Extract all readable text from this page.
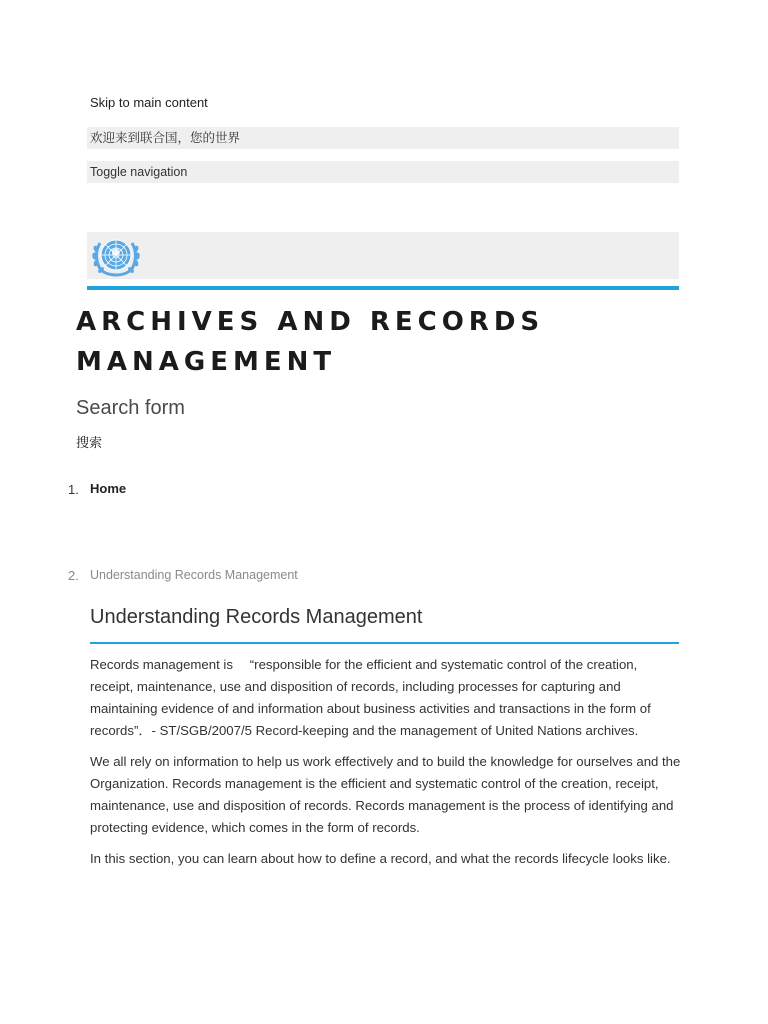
Skip to main content
欢迎来到联合国，您的世界
Toggle navigation
ARCHIVES AND RECORDS MANAGEMENT
Search form
搜索
1. Home
2. Understanding Records Management
Understanding Records Management

Records management is 　“responsible for the efficient and systematic control of the creation, receipt, maintenance, use and disposition of records, including processes for capturing and maintaining evidence of and information about business activities and transactions in the form of records”．- ST/SGB/2007/5 Record-keeping and the management of United Nations archives.

We all rely on information to help us work effectively and to build the knowledge for ourselves and the Organization. Records management is the efficient and systematic control of the creation, receipt, maintenance, use and disposition of records. Records management is the process of identifying and protecting evidence, which comes in the form of records.

In this section, you can learn about how to define a record, and what the records lifecycle looks like.
